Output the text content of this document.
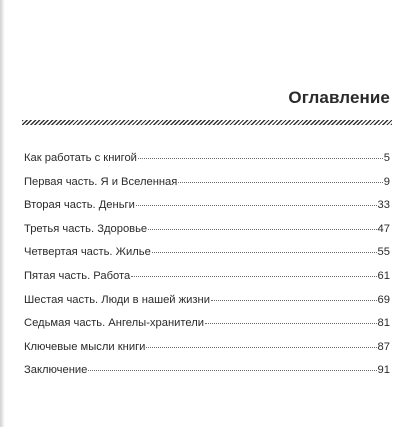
Оглавление
Как работать с книгой	5
Первая часть. Я и Вселенная	9
Вторая часть. Деньги	33
Третья часть. Здоровье	47
Четвертая часть. Жилье	55
Пятая часть. Работа	61
Шестая часть. Люди в нашей жизни	69
Седьмая часть. Ангелы-хранители	81
Ключевые мысли книги	87
Заключение	91
